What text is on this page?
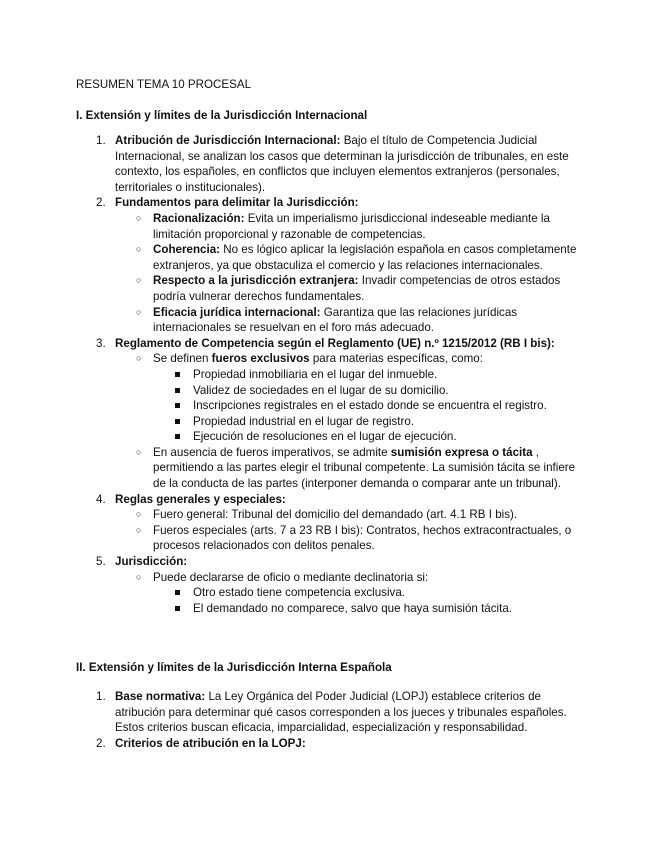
RESUMEN TEMA 10 PROCESAL
I. Extensión y límites de la Jurisdicción Internacional
1. Atribución de Jurisdicción Internacional: Bajo el título de Competencia Judicial Internacional, se analizan los casos que determinan la jurisdicción de tribunales, en este contexto, los españoles, en conflictos que incluyen elementos extranjeros (personales, territoriales o institucionales).
2. Fundamentos para delimitar la Jurisdicción:
○ Racionalización: Evita un imperialismo jurisdiccional indeseable mediante la limitación proporcional y razonable de competencias.
○ Coherencia: No es lógico aplicar la legislación española en casos completamente extranjeros, ya que obstaculiza el comercio y las relaciones internacionales.
○ Respecto a la jurisdicción extranjera: Invadir competencias de otros estados podría vulnerar derechos fundamentales.
○ Eficacia jurídica internacional: Garantiza que las relaciones jurídicas internacionales se resuelvan en el foro más adecuado.
3. Reglamento de Competencia según el Reglamento (UE) n.º 1215/2012 (RB I bis):
○ Se definen fueros exclusivos para materias específicas, como:
Propiedad inmobiliaria en el lugar del inmueble.
Validez de sociedades en el lugar de su domicilio.
Inscripciones registrales en el estado donde se encuentra el registro.
Propiedad industrial en el lugar de registro.
Ejecución de resoluciones en el lugar de ejecución.
○ En ausencia de fueros imperativos, se admite sumisión expresa o tácita , permitiendo a las partes elegir el tribunal competente. La sumisión tácita se infiere de la conducta de las partes (interponer demanda o comparar ante un tribunal).
4. Reglas generales y especiales:
○ Fuero general: Tribunal del domicilio del demandado (art. 4.1 RB I bis).
○ Fueros especiales (arts. 7 a 23 RB I bis): Contratos, hechos extracontractuales, o procesos relacionados con delitos penales.
5. Jurisdicción:
○ Puede declararse de oficio o mediante declinatoria si:
Otro estado tiene competencia exclusiva.
El demandado no comparece, salvo que haya sumisión tácita.
II. Extensión y límites de la Jurisdicción Interna Española
1. Base normativa: La Ley Orgánica del Poder Judicial (LOPJ) establece criterios de atribución para determinar qué casos corresponden a los jueces y tribunales españoles. Estos criterios buscan eficacia, imparcialidad, especialización y responsabilidad.
2. Criterios de atribución en la LOPJ:
